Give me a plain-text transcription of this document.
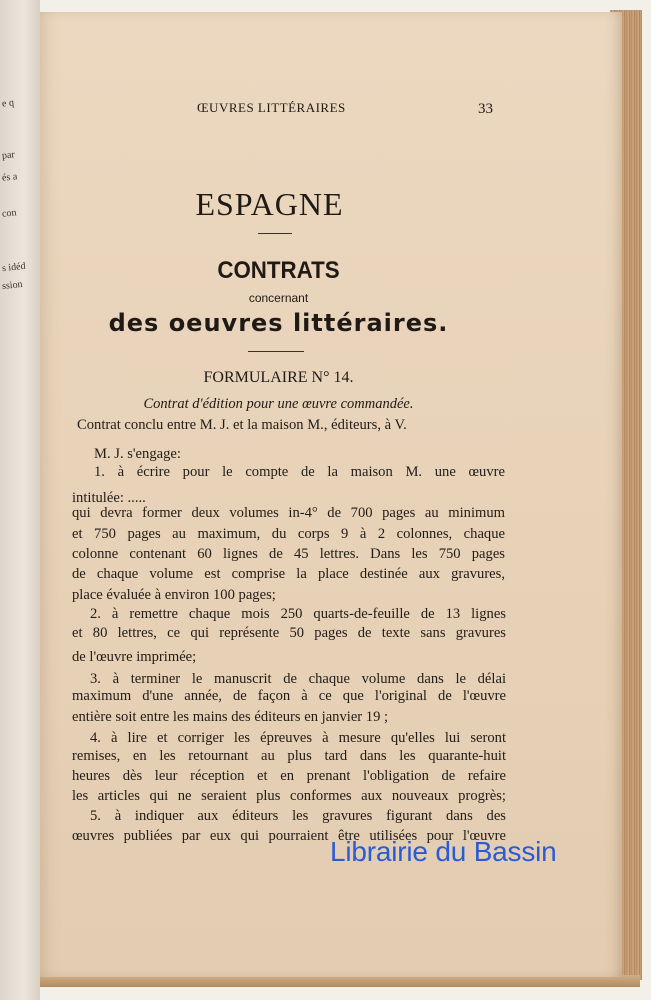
e q
par
és a
con
s idéd
ssion
ŒUVRES LITTÉRAIRES	33
ESPAGNE
CONTRATS
concernant
des oeuvres littéraires.
FORMULAIRE N° 14.
Contrat d'édition pour une œuvre commandée.
Contrat conclu entre M. J. et la maison M., éditeurs, à V.
M. J. s'engage:
1. à écrire pour le compte de la maison M. une œuvre
intitulée: .....
qui devra former deux volumes in-4° de 700 pages au minimum
et 750 pages au maximum, du corps 9 à 2 colonnes, chaque
colonne contenant 60 lignes de 45 lettres. Dans les 750 pages
de chaque volume est comprise la place destinée aux gravures,
place évaluée à environ 100 pages;
2. à remettre chaque mois 250 quarts-de-feuille de 13 lignes
et 80 lettres, ce qui représente 50 pages de texte sans gravures
de l'œuvre imprimée;
3. à terminer le manuscrit de chaque volume dans le délai
maximum d'une année, de façon à ce que l'original de l'œuvre
entière soit entre les mains des éditeurs en janvier 19 ;
4. à lire et corriger les épreuves à mesure qu'elles lui seront
remises, en les retournant au plus tard dans les quarante-huit
heures dès leur réception et en prenant l'obligation de refaire
les articles qui ne seraient plus conformes aux nouveaux progrès;
5. à indiquer aux éditeurs les gravures figurant dans des
œuvres publiées par eux qui pourraient être utilisées pour l'œuvre
Librairie du Bassin
